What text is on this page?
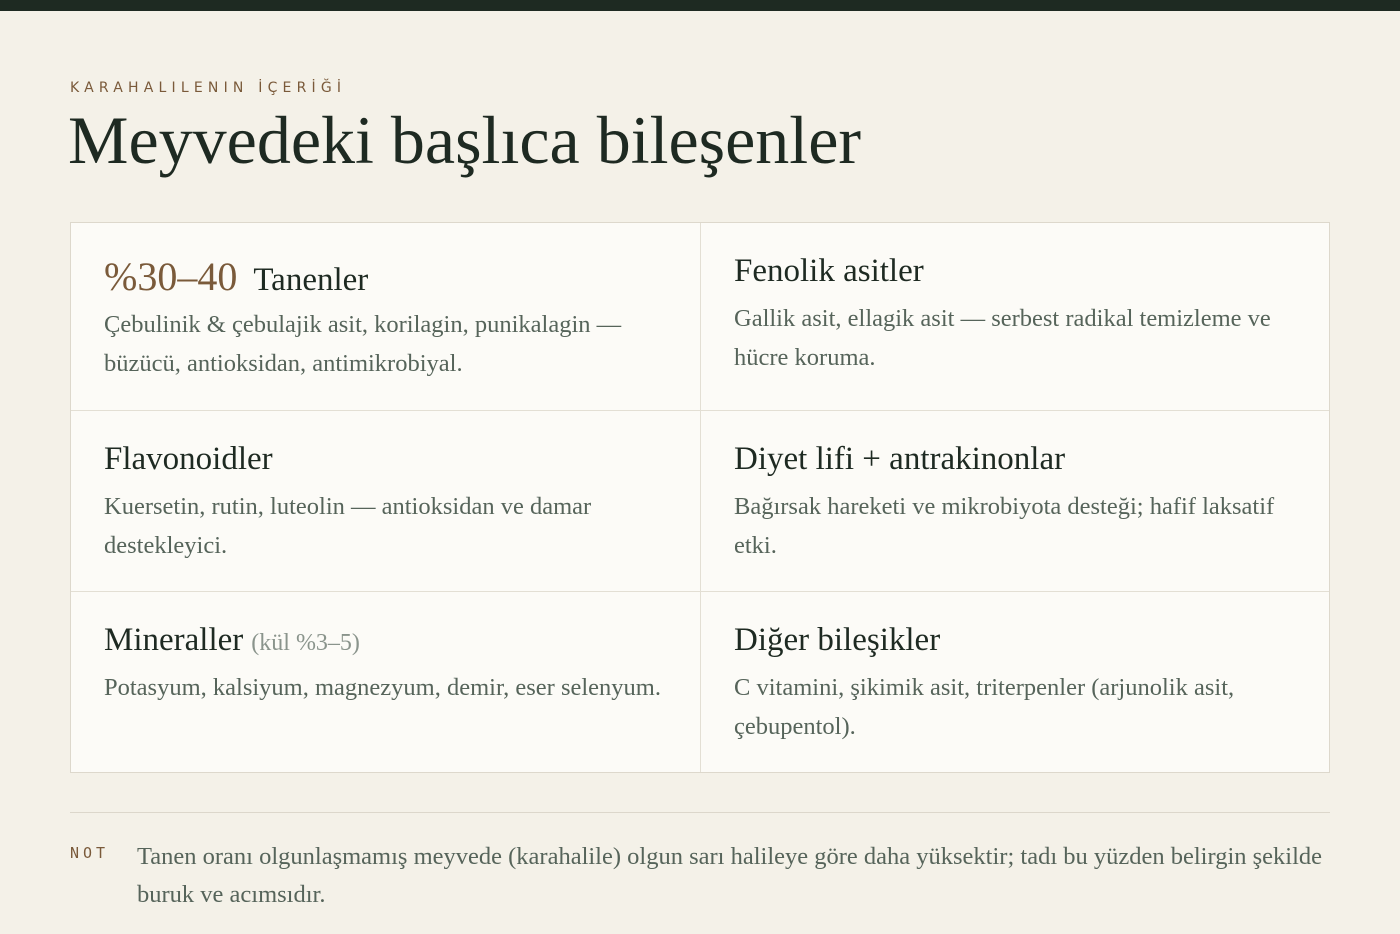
KARAHALILENIN İÇERİĞİ
Meyvedeki başlıca bileşenler
%30–40 Tanenler
Çebulinik & çebulajik asit, korilagin, punikalagin — büzücü, antioksidan, antimikrobiyal.
Fenolik asitler
Gallik asit, ellagik asit — serbest radikal temizleme ve hücre koruma.
Flavonoidler
Kuersetin, rutin, luteolin — antioksidan ve damar destekleyici.
Diyet lifi + antrakinonlar
Bağırsak hareketi ve mikrobiyota desteği; hafif laksatif etki.
Mineraller (kül %3–5)
Potasyum, kalsiyum, magnezyum, demir, eser selenyum.
Diğer bileşikler
C vitamini, şikimik asit, triterpenler (arjunolik asit, çebupentol).
NOT Tanen oranı olgunlaşmamış meyvede (karahalile) olgun sarı halileye göre daha yüksektir; tadı bu yüzden belirgin şekilde buruk ve acımsıdır.
